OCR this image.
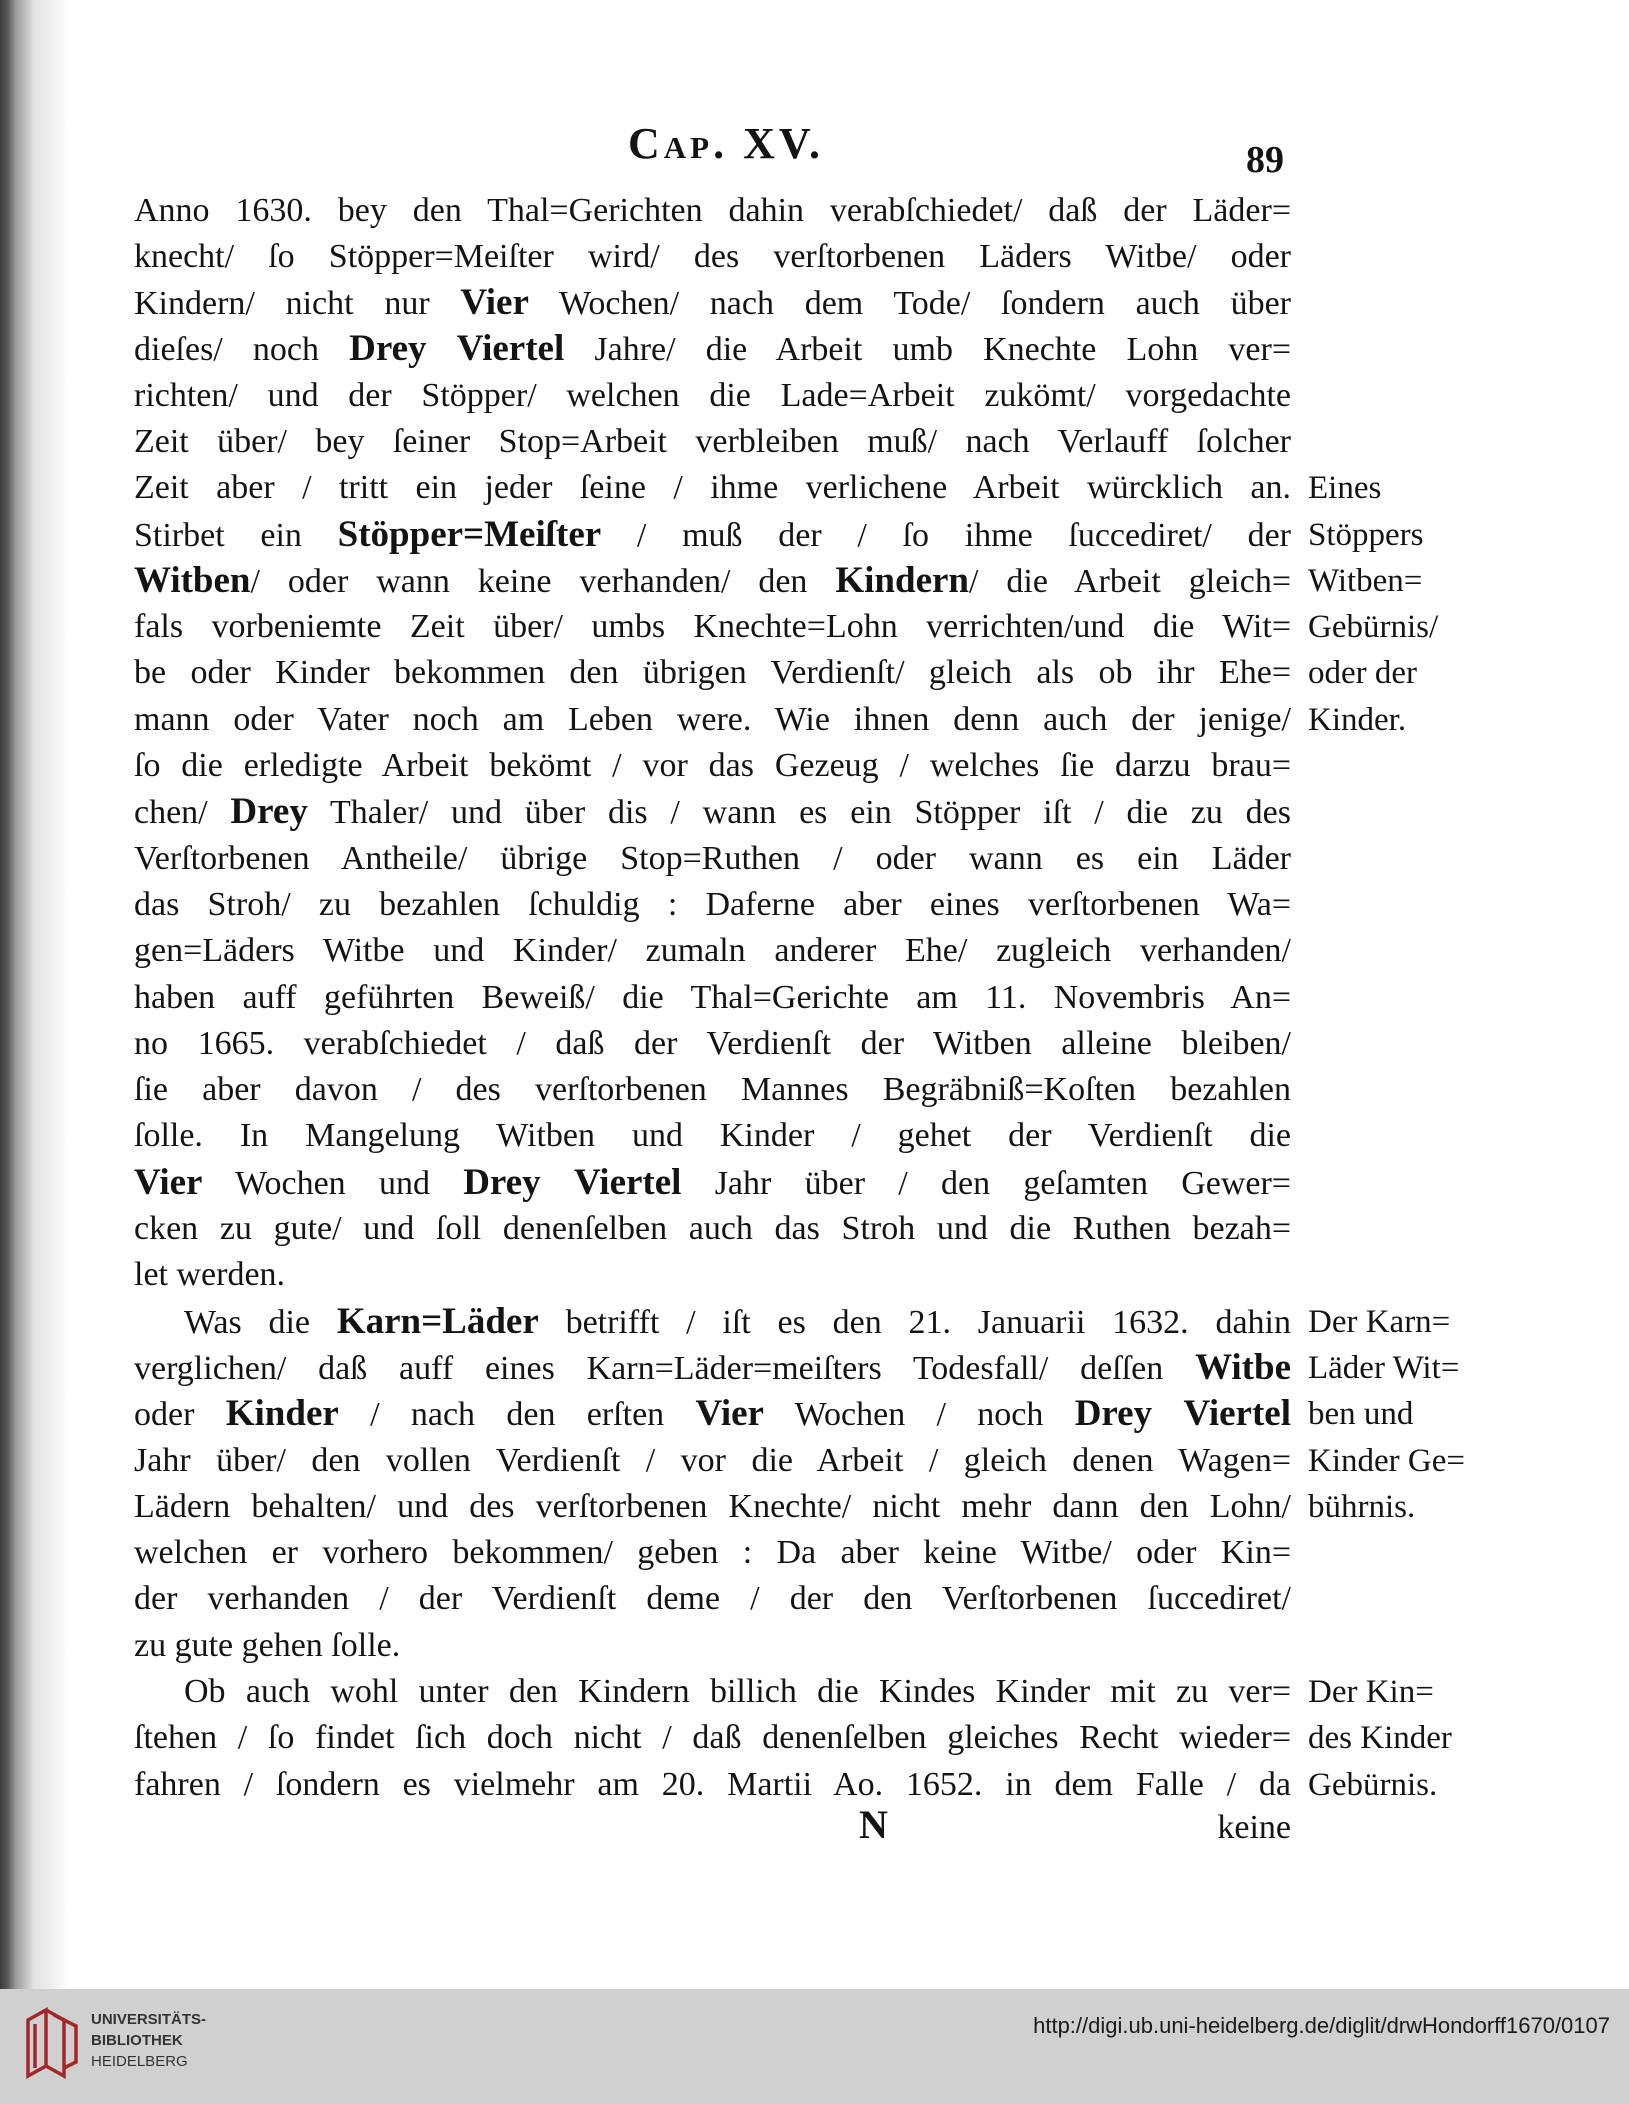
Cap. XV.	89
Anno 1630. bey den Thal=Gerichten dahin verabſchiedet/ daß der Läder=
knecht/ ſo Stöpper=Meiſter wird/ des verſtorbenen Läders Witbe/ oder
Kindern/ nicht nur Vier Wochen/ nach dem Tode/ ſondern auch über
dieſes/ noch Drey Viertel Jahre/ die Arbeit umb Knechte Lohn ver=
richten/ und der Stöpper/ welchen die Lade=Arbeit zukömt/ vorgedachte
Zeit über/ bey ſeiner Stop=Arbeit verbleiben muß/ nach Verlauff ſolcher
Zeit aber / tritt ein jeder ſeine / ihme verlichene Arbeit würcklich an.
Stirbet ein Stöpper=Meiſter / muß der / ſo ihme ſuccediret/ der
Witben/ oder wann keine verhanden/ den Kindern/ die Arbeit gleich=
fals vorbeniemte Zeit über/ umbs Knechte=Lohn verrichten/und die Wit=
be oder Kinder bekommen den übrigen Verdienſt/ gleich als ob ihr Ehe=
mann oder Vater noch am Leben were. Wie ihnen denn auch der jenige/
ſo die erledigte Arbeit bekömt / vor das Gezeug / welches ſie darzu brau=
chen/ Drey Thaler/ und über dis / wann es ein Stöpper iſt / die zu des
Verſtorbenen Antheile/ übrige Stop=Ruthen / oder wann es ein Läder
das Stroh/ zu bezahlen ſchuldig : Daferne aber eines verſtorbenen Wa=
gen=Läders Witbe und Kinder/ zumaln anderer Ehe/ zugleich verhanden/
haben auff geführten Beweiß/ die Thal=Gerichte am 11. Novembris An=
no 1665. verabſchiedet / daß der Verdienſt der Witben alleine bleiben/
ſie aber davon / des verſtorbenen Mannes Begräbniß=Koſten bezahlen
ſolle. In Mangelung Witben und Kinder / gehet der Verdienſt die
Vier Wochen und Drey Viertel Jahr über / den geſamten Gewer=
cken zu gute/ und ſoll denenſelben auch das Stroh und die Ruthen bezah=
let werden.
Was die Karn=Läder betrifft / iſt es den 21. Januarii 1632. dahin
verglichen/ daß auff eines Karn=Läder=meiſters Todesfall/ deſſen Witbe
oder Kinder / nach den erſten Vier Wochen / noch Drey Viertel
Jahr über/ den vollen Verdienſt / vor die Arbeit / gleich denen Wagen=
Lädern behalten/ und des verſtorbenen Knechte/ nicht mehr dann den Lohn/
welchen er vorhero bekommen/ geben : Da aber keine Witbe/ oder Kin=
der verhanden / der Verdienſt deme / der den Verſtorbenen ſuccediret/
zu gute gehen ſolle.
Ob auch wohl unter den Kindern billich die Kindes Kinder mit zu ver=
ſtehen / ſo findet ſich doch nicht / daß denenſelben gleiches Recht wieder=
fahren / ſondern es vielmehr am 20. Martii Ao. 1652. in dem Falle / da
Eines
Stöppers
Witben=
Gebürnis/
oder der
Kinder.
Der Karn=
Läder Wit=
ben und
Kinder Ge=
bührnis.
Der Kin=
des Kinder
Gebürnis.
N	keine
UNIVERSITÄTS-
BIBLIOTHEK
HEIDELBERG
http://digi.ub.uni-heidelberg.de/diglit/drwHondorff1670/0107
